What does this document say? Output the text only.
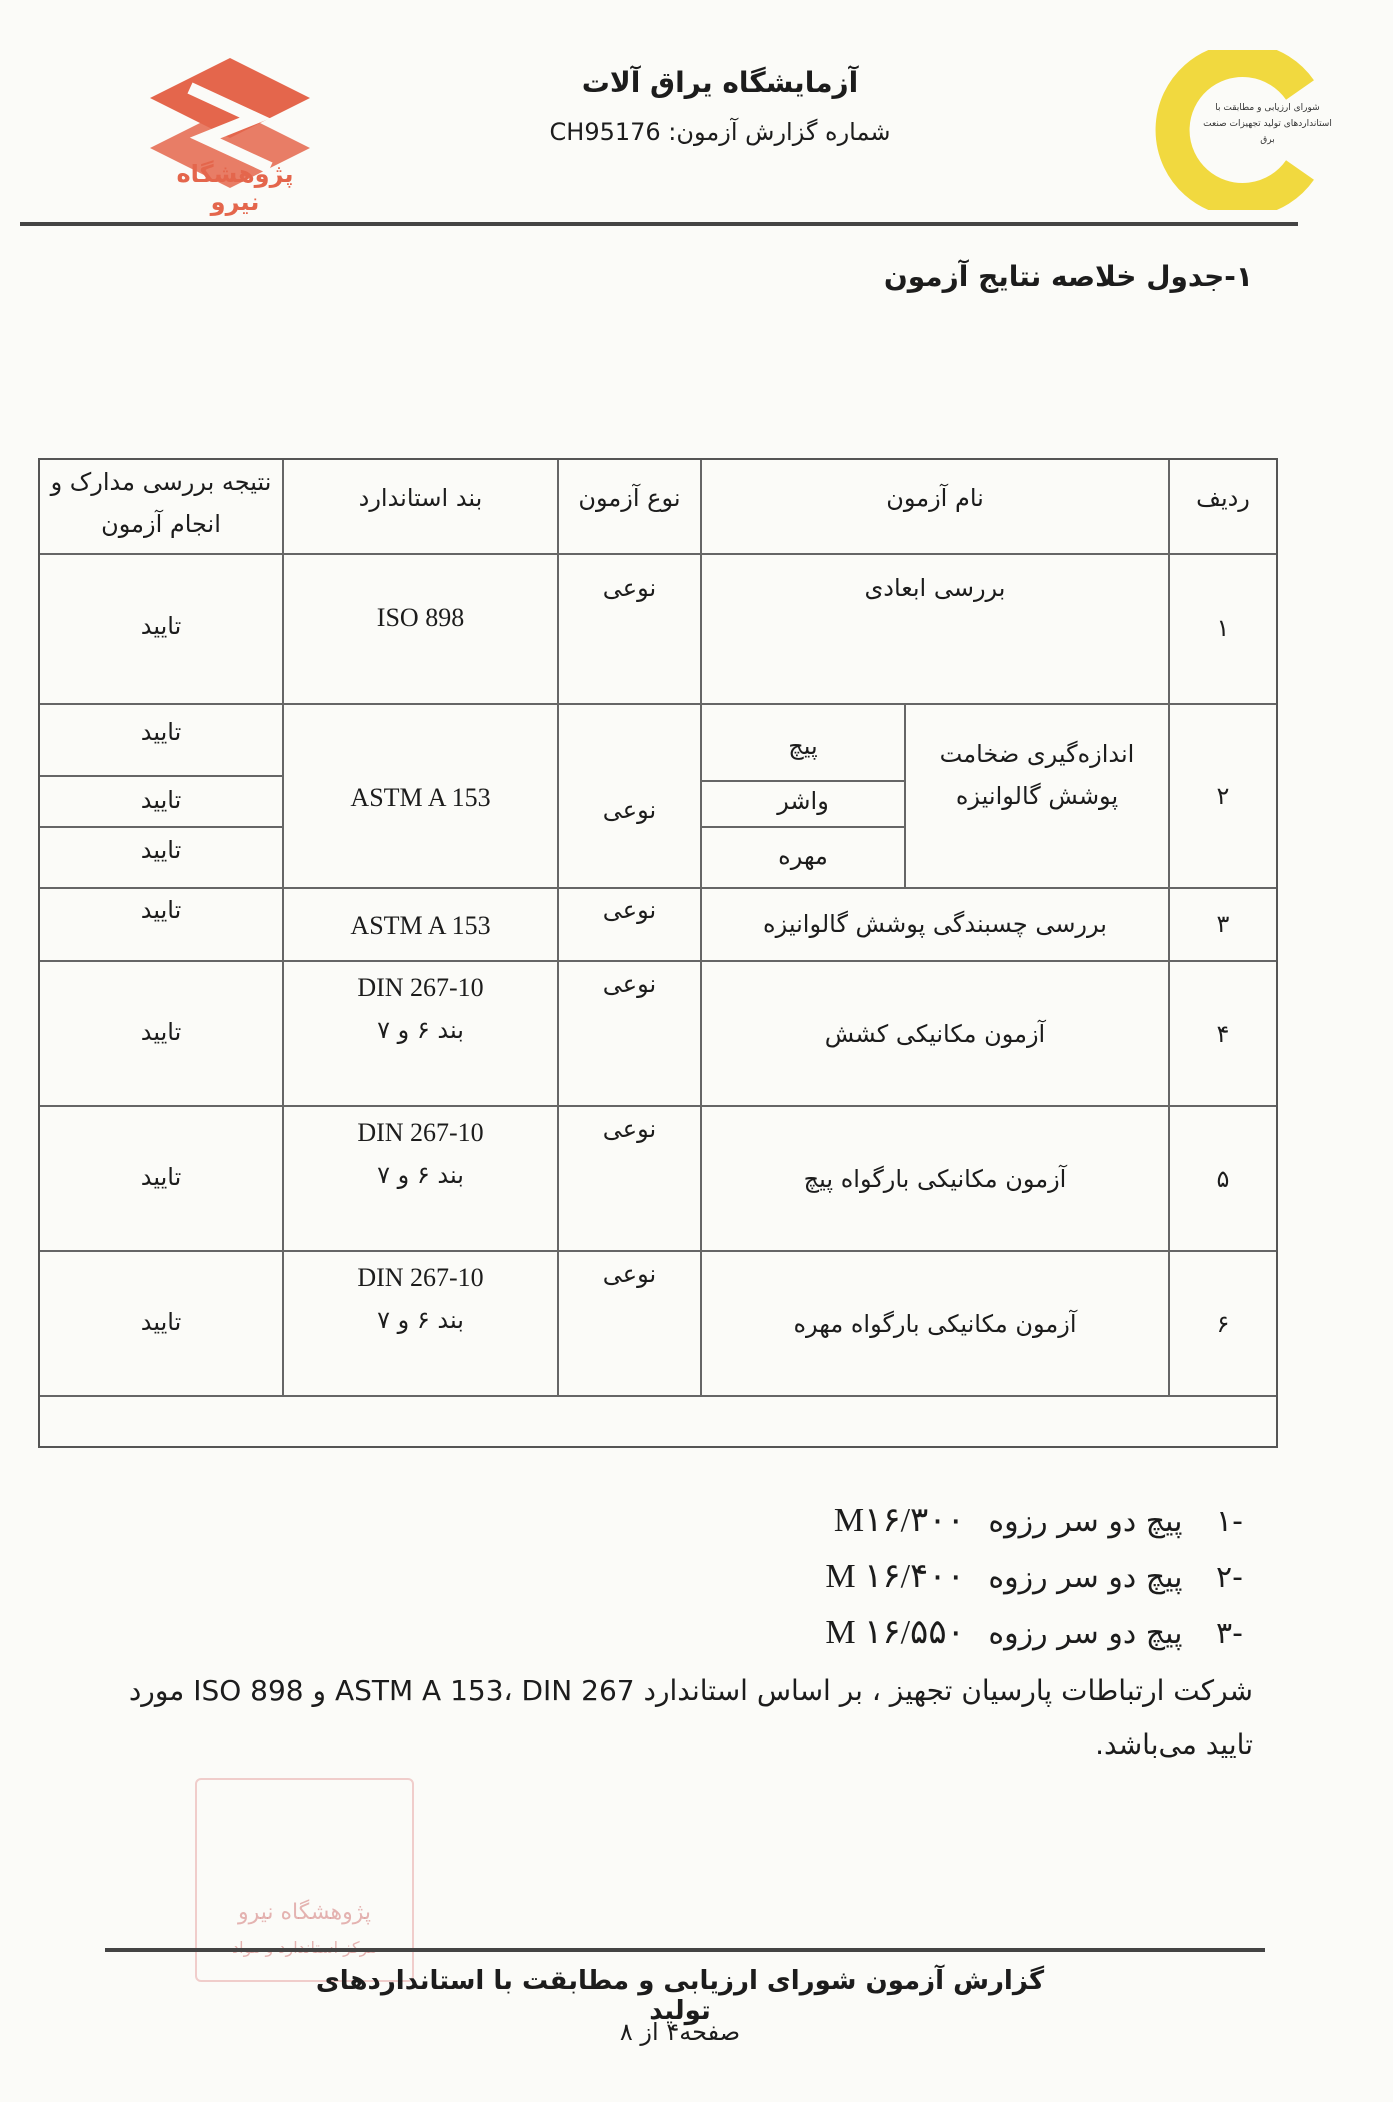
پژوهشگاه نیرو
شورای ارزیابی و مطابقت با استانداردهای تولید تجهیزات صنعت برق
آزمایشگاه یراق آلات
شماره گزارش آزمون: CH95176
۱-جدول خلاصه نتایج آزمون
ردیف
نام آزمون
نوع آزمون
بند استاندارد
نتیجه بررسی مدارک و
انجام آزمون
۱
بررسی ابعادی
نوعی
ISO 898
تایید
۲
اندازه‌گیری ضخامت
پوشش گالوانیزه
پیچ
واشر
مهره
نوعی
ASTM A 153
تایید
تایید
تایید
۳
بررسی چسبندگی پوشش گالوانیزه
نوعی
ASTM A 153
تایید
۴
آزمون مکانیکی کشش
نوعی
DIN 267-10
بند ۶ و ۷
تایید
۵
آزمون مکانیکی بارگواه پیچ
نوعی
DIN 267-10
بند ۶ و ۷
تایید
۶
آزمون مکانیکی بارگواه مهره
نوعی
DIN 267-10
بند ۶ و ۷
تایید
-۱ پیچ دو سر رزوه M۱۶/۳۰۰
-۲ پیچ دو سر رزوه M ۱۶/۴۰۰
-۳ پیچ دو سر رزوه M ۱۶/۵۵۰
شرکت ارتباطات پارسیان تجهیز ، بر اساس استاندارد ASTM A 153، DIN 267 و ISO 898 مورد تایید می‌باشد.
پژوهشگاه نیرو
گزارش آزمون شورای ارزیابی و مطابقت با استانداردهای تولید
صفحه۴ از ۸
